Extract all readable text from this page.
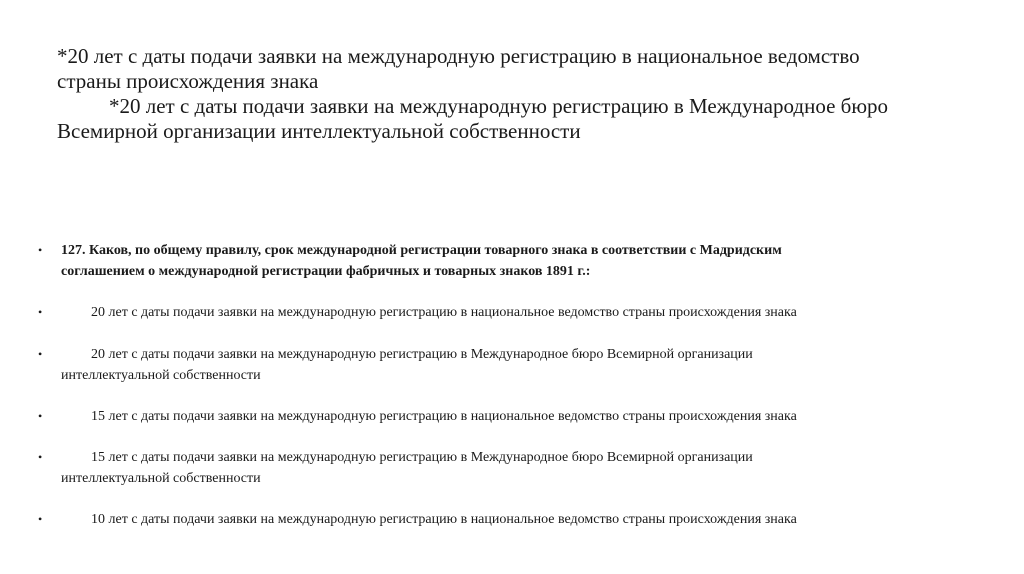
*20 лет с даты подачи заявки на международную регистрацию в национальное ведомство

страны происхождения знака

*20 лет с даты подачи заявки на международную регистрацию в Международное бюро

Всемирной организации интеллектуальной собственности

• 127. Каков, по общему правилу, срок международной регистрации товарного знака в соответствии с Мадридским
соглашением о международной регистрации фабричных и товарных знаков 1891 г.:
•	20 лет с даты подачи заявки на международную регистрацию в национальное ведомство страны происхождения знака
•	20 лет с даты подачи заявки на международную регистрацию в Международное бюро Всемирной организации
интеллектуальной собственности
•	15 лет с даты подачи заявки на международную регистрацию в национальное ведомство страны происхождения знака
•	15 лет с даты подачи заявки на международную регистрацию в Международное бюро Всемирной организации
интеллектуальной собственности
•	10 лет с даты подачи заявки на международную регистрацию в национальное ведомство страны происхождения знака
